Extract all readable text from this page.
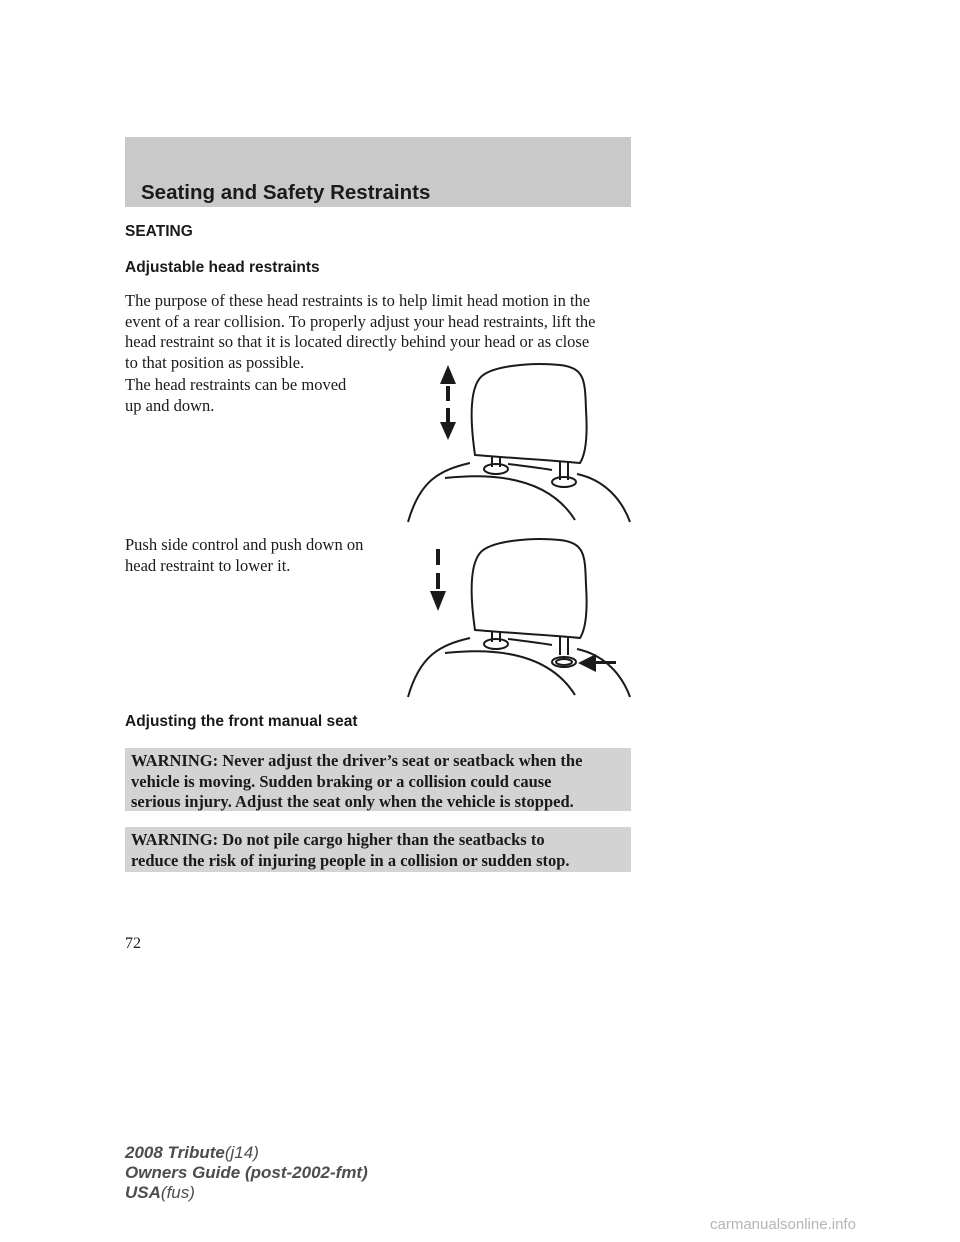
Seating and Safety Restraints
SEATING
Adjustable head restraints
The purpose of these head restraints is to help limit head motion in the
event of a rear collision. To properly adjust your head restraints, lift the
head restraint so that it is located directly behind your head or as close
to that position as possible.
The head restraints can be moved
up and down.
Push side control and push down on
head restraint to lower it.
Adjusting the front manual seat
WARNING: Never adjust the driver’s seat or seatback when the
vehicle is moving. Sudden braking or a collision could cause
serious injury. Adjust the seat only when the vehicle is stopped.
WARNING: Do not pile cargo higher than the seatbacks to
reduce the risk of injuring people in a collision or sudden stop.
72
2008 Tribute(j14)
Owners Guide (post-2002-fmt)
USA(fus)
carmanualsonline.info
